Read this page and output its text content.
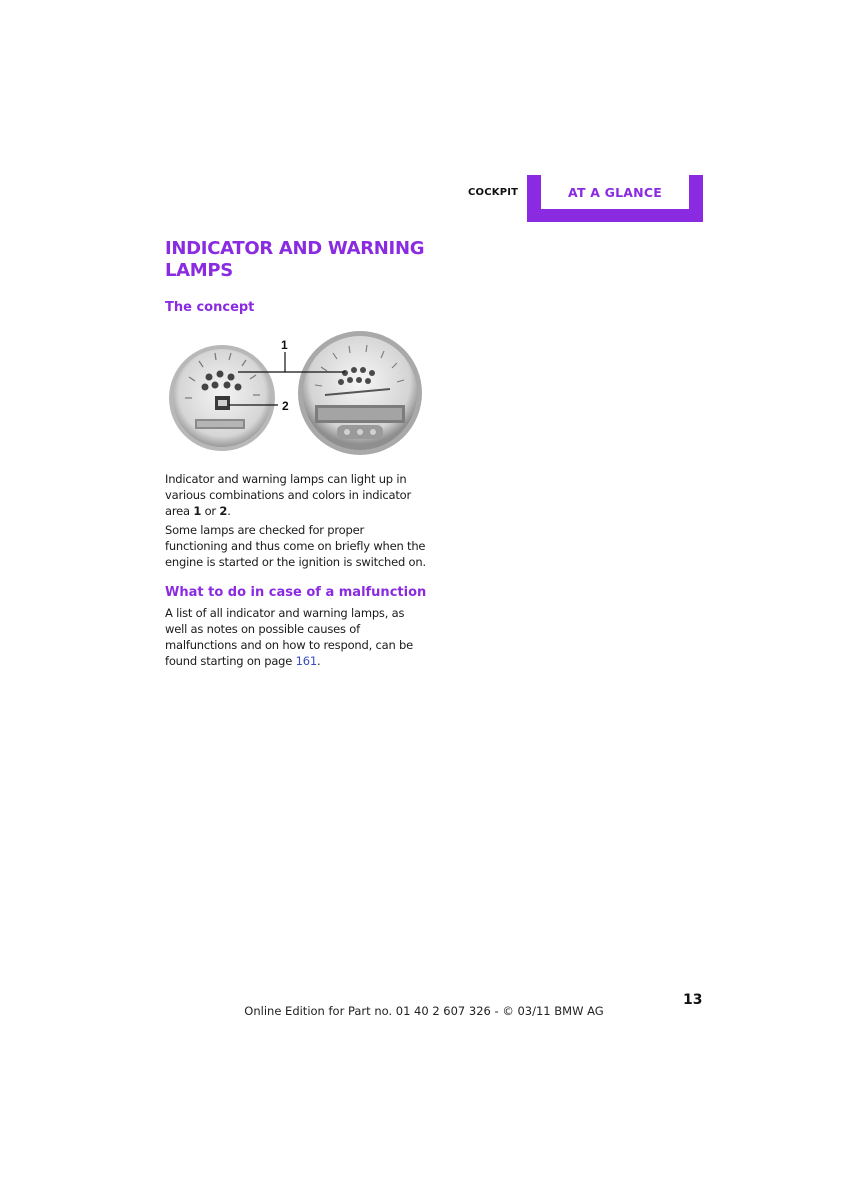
COCKPIT	AT A GLANCE
INDICATOR AND WARNING LAMPS
The concept
1
2

Indicator and warning lamps can light up in various combinations and colors in indicator area 1 or 2.

Some lamps are checked for proper functioning and thus come on briefly when the engine is started or the ignition is switched on.

What to do in case of a malfunction

A list of all indicator and warning lamps, as well as notes on possible causes of malfunctions and on how to respond, can be found starting on page 161.

13
Online Edition for Part no. 01 40 2 607 326 - © 03/11 BMW AG
